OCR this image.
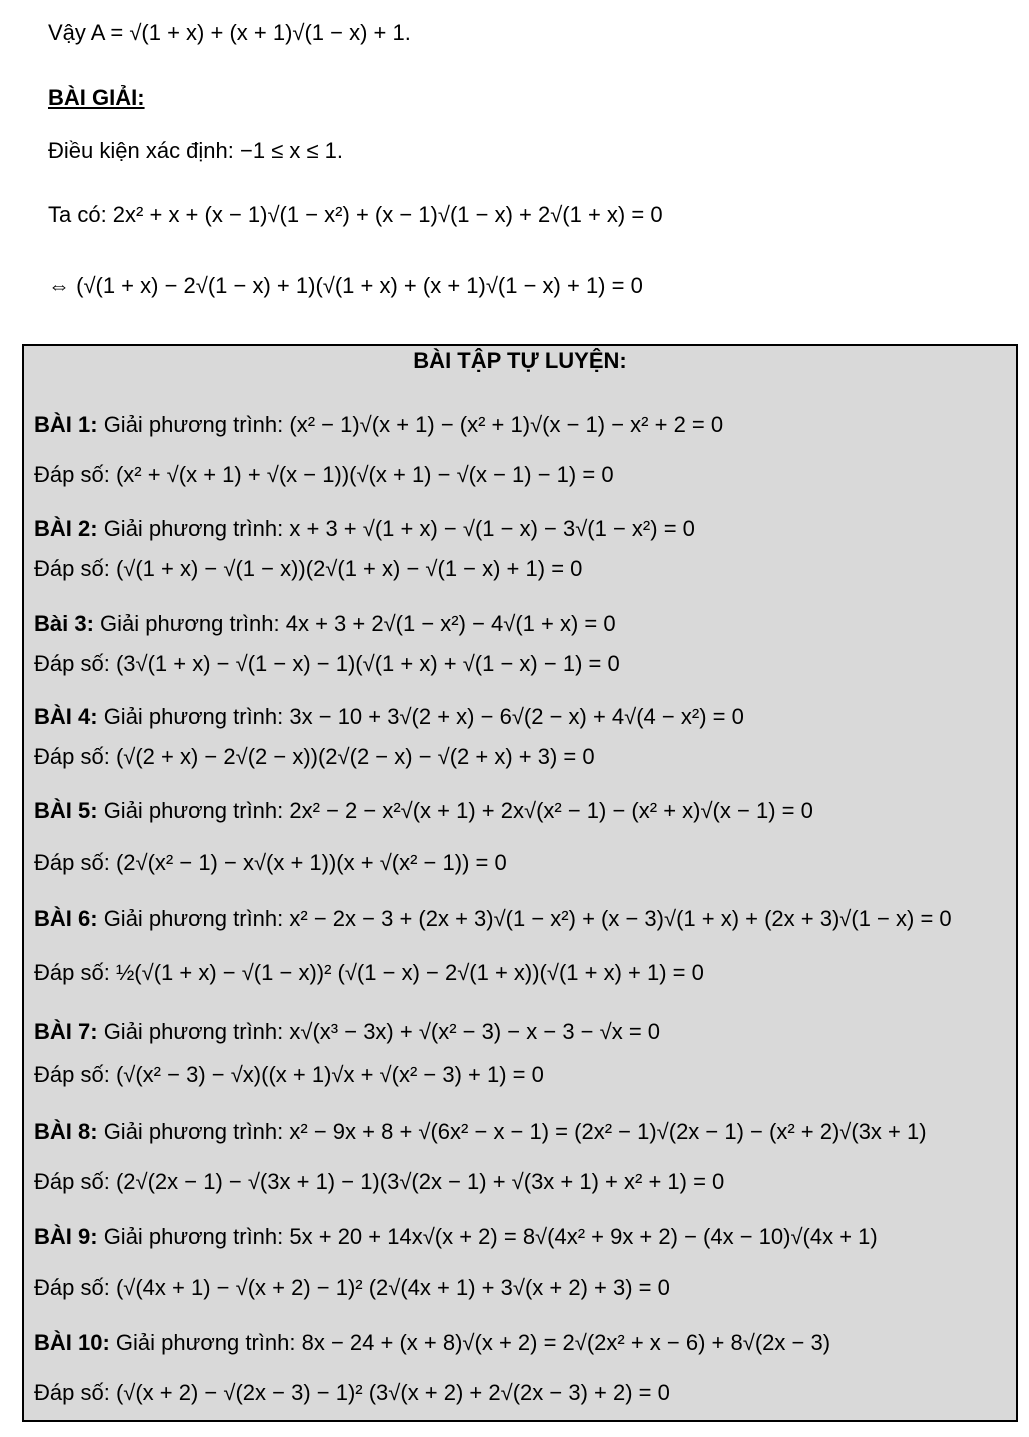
Vậy A = √(1 + x) + (x + 1)√(1 − x) + 1.
BÀI GIẢI:
Điều kiện xác định: −1 ≤ x ≤ 1.
Ta có: 2x² + x + (x − 1)√(1 − x²) + (x − 1)√(1 − x) + 2√(1 + x) = 0
⇔ (√(1 + x) − 2√(1 − x) + 1)(√(1 + x) + (x + 1)√(1 − x) + 1) = 0
BÀI TẬP TỰ LUYỆN:
BÀI 1: Giải phương trình: (x² − 1)√(x + 1) − (x² + 1)√(x − 1) − x² + 2 = 0
Đáp số: (x² + √(x + 1) + √(x − 1))(√(x + 1) − √(x − 1) − 1) = 0
BÀI 2: Giải phương trình: x + 3 + √(1 + x) − √(1 − x) − 3√(1 − x²) = 0
Đáp số: (√(1 + x) − √(1 − x))(2√(1 + x) − √(1 − x) + 1) = 0
Bài 3: Giải phương trình: 4x + 3 + 2√(1 − x²) − 4√(1 + x) = 0
Đáp số: (3√(1 + x) − √(1 − x) − 1)(√(1 + x) + √(1 − x) − 1) = 0
BÀI 4: Giải phương trình: 3x − 10 + 3√(2 + x) − 6√(2 − x) + 4√(4 − x²) = 0
Đáp số: (√(2 + x) − 2√(2 − x))(2√(2 − x) − √(2 + x) + 3) = 0
BÀI 5: Giải phương trình: 2x² − 2 − x²√(x + 1) + 2x√(x² − 1) − (x² + x)√(x − 1) = 0
Đáp số: (2√(x² − 1) − x√(x + 1))(x + √(x² − 1)) = 0
BÀI 6: Giải phương trình: x² − 2x − 3 + (2x + 3)√(1 − x²) + (x − 3)√(1 + x) + (2x + 3)√(1 − x) = 0
Đáp số: ½(√(1 + x) − √(1 − x))² (√(1 − x) − 2√(1 + x))(√(1 + x) + 1) = 0
BÀI 7: Giải phương trình: x√(x³ − 3x) + √(x² − 3) − x − 3 − √x = 0
Đáp số: (√(x² − 3) − √x)((x + 1)√x + √(x² − 3) + 1) = 0
BÀI 8: Giải phương trình: x² − 9x + 8 + √(6x² − x − 1) = (2x² − 1)√(2x − 1) − (x² + 2)√(3x + 1)
Đáp số: (2√(2x − 1) − √(3x + 1) − 1)(3√(2x − 1) + √(3x + 1) + x² + 1) = 0
BÀI 9: Giải phương trình: 5x + 20 + 14x√(x + 2) = 8√(4x² + 9x + 2) − (4x − 10)√(4x + 1)
Đáp số: (√(4x + 1) − √(x + 2) − 1)² (2√(4x + 1) + 3√(x + 2) + 3) = 0
BÀI 10: Giải phương trình: 8x − 24 + (x + 8)√(x + 2) = 2√(2x² + x − 6) + 8√(2x − 3)
Đáp số: (√(x + 2) − √(2x − 3) − 1)² (3√(x + 2) + 2√(2x − 3) + 2) = 0
